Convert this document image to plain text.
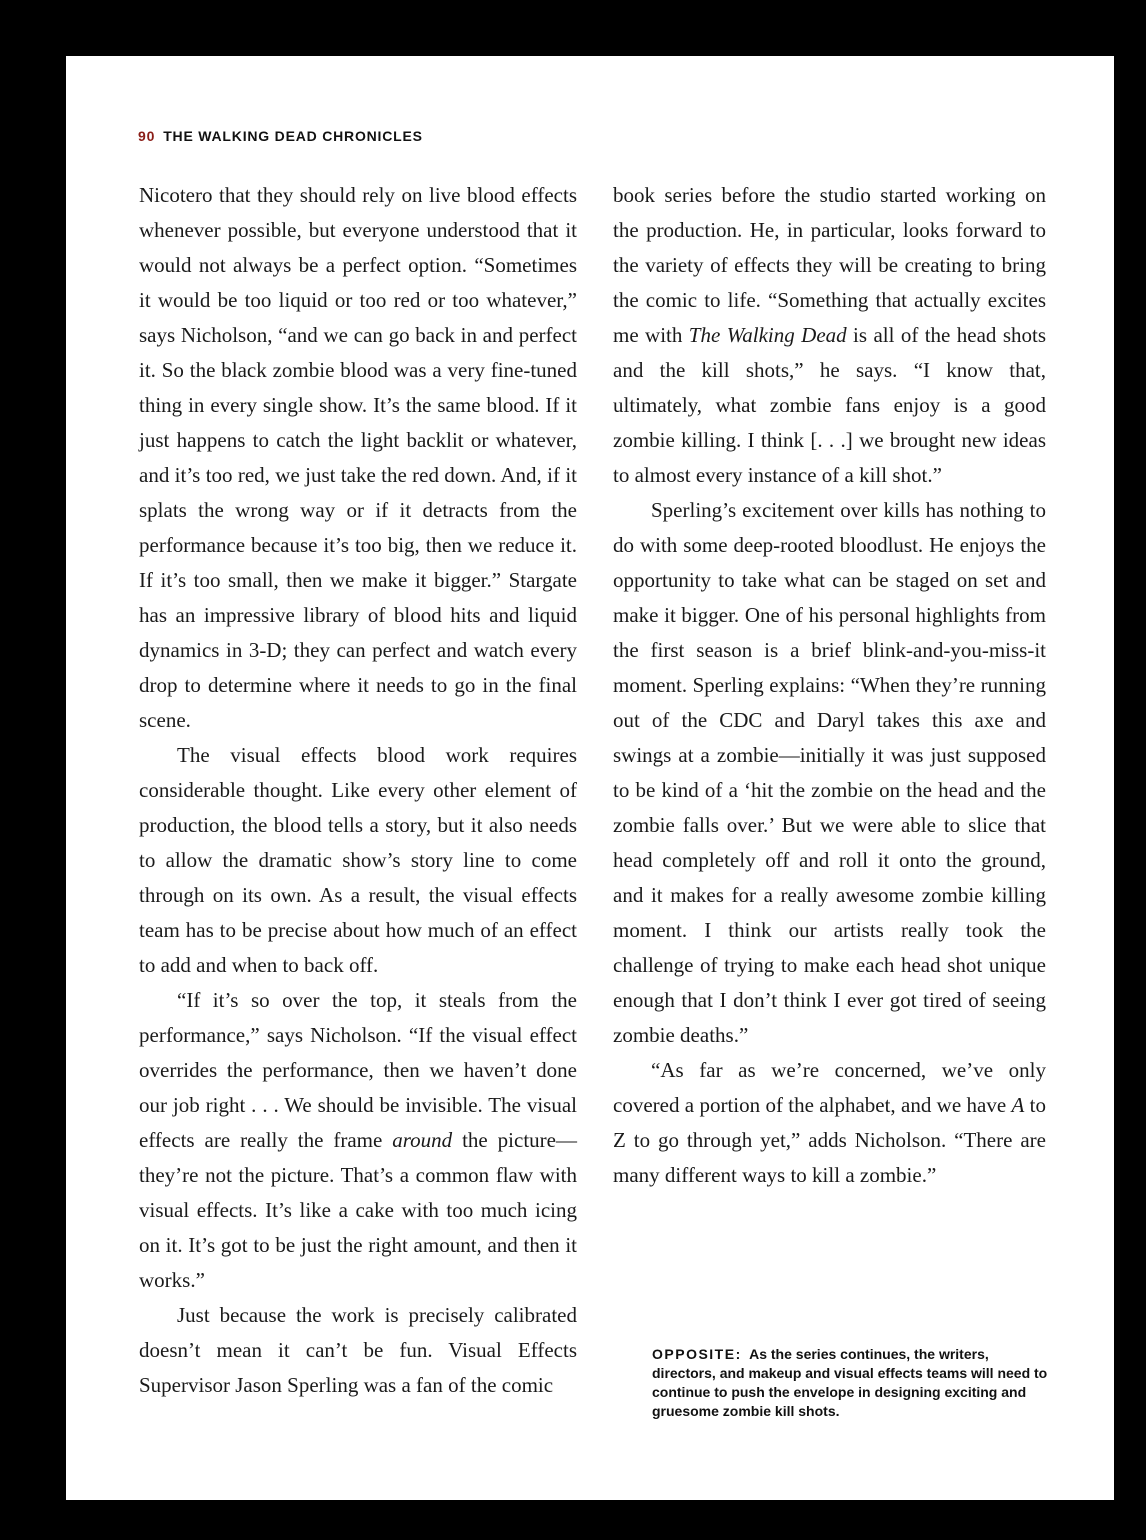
90 THE WALKING DEAD CHRONICLES

Nicotero that they should rely on live blood effects whenever possible, but everyone understood that it would not always be a perfect option. “Sometimes it would be too liquid or too red or too whatever,” says Nicholson, “and we can go back in and perfect it. So the black zombie blood was a very fine-tuned thing in every single show. It’s the same blood. If it just happens to catch the light backlit or whatever, and it’s too red, we just take the red down. And, if it splats the wrong way or if it detracts from the performance because it’s too big, then we reduce it. If it’s too small, then we make it bigger.” Stargate has an impressive library of blood hits and liquid dynamics in 3-D; they can perfect and watch every drop to determine where it needs to go in the final scene.

The visual effects blood work requires considerable thought. Like every other element of production, the blood tells a story, but it also needs to allow the dramatic show’s story line to come through on its own. As a result, the visual effects team has to be precise about how much of an effect to add and when to back off.

“If it’s so over the top, it steals from the performance,” says Nicholson. “If the visual effect overrides the performance, then we haven’t done our job right . . . We should be invisible. The visual effects are really the frame around the picture—they’re not the picture. That’s a common flaw with visual effects. It’s like a cake with too much icing on it. It’s got to be just the right amount, and then it works.”

Just because the work is precisely calibrated doesn’t mean it can’t be fun. Visual Effects Supervisor Jason Sperling was a fan of the comic

book series before the studio started working on the production. He, in particular, looks forward to the variety of effects they will be creating to bring the comic to life. “Something that actually excites me with The Walking Dead is all of the head shots and the kill shots,” he says. “I know that, ultimately, what zombie fans enjoy is a good zombie killing. I think [. . .] we brought new ideas to almost every instance of a kill shot.”

Sperling’s excitement over kills has nothing to do with some deep-rooted bloodlust. He enjoys the opportunity to take what can be staged on set and make it bigger. One of his personal highlights from the first season is a brief blink-and-you-miss-it moment. Sperling explains: “When they’re running out of the CDC and Daryl takes this axe and swings at a zombie—initially it was just supposed to be kind of a ‘hit the zombie on the head and the zombie falls over.’ But we were able to slice that head completely off and roll it onto the ground, and it makes for a really awesome zombie killing moment. I think our artists really took the challenge of trying to make each head shot unique enough that I don’t think I ever got tired of seeing zombie deaths.”

“As far as we’re concerned, we’ve only covered a portion of the alphabet, and we have A to Z to go through yet,” adds Nicholson. “There are many different ways to kill a zombie.”

OPPOSITE: As the series continues, the writers, directors, and makeup and visual effects teams will need to continue to push the envelope in designing exciting and gruesome zombie kill shots.
